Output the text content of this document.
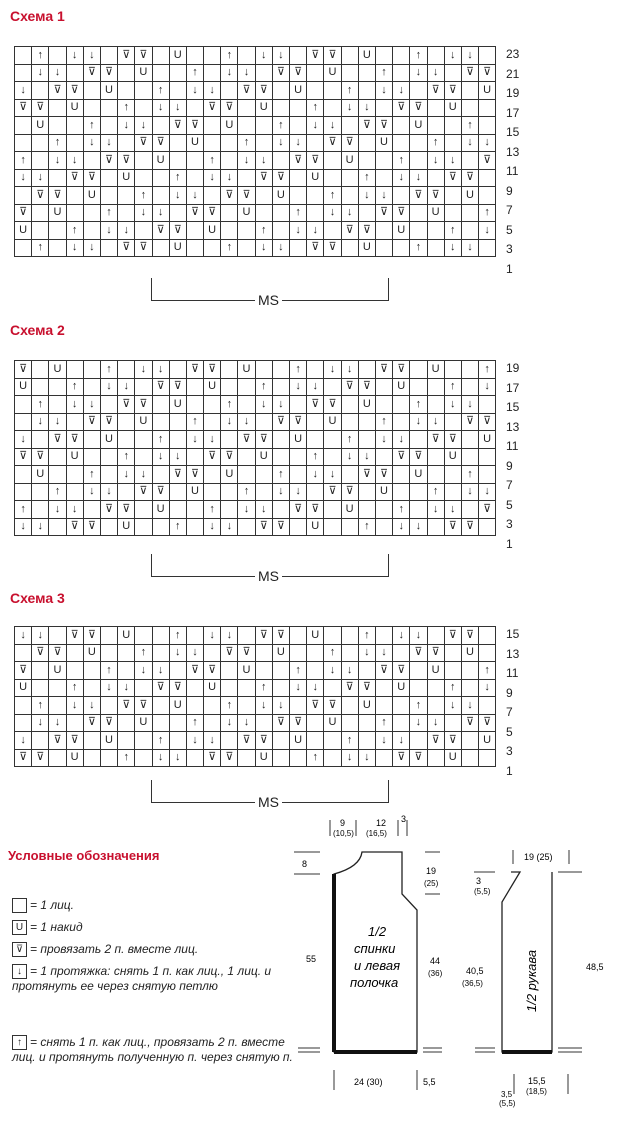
Схема 1
	↑		↓	↓		⊽	⊽		U			↑		↓	↓		⊽	⊽		U			↑		↓	↓	
	↓	↓		⊽	⊽		U			↑		↓	↓		⊽	⊽		U			↑		↓	↓		⊽	⊽
↓		⊽	⊽		U			↑		↓	↓		⊽	⊽		U			↑		↓	↓		⊽	⊽		U
⊽	⊽		U			↑		↓	↓		⊽	⊽		U			↑		↓	↓		⊽	⊽		U		
	U			↑		↓	↓		⊽	⊽		U			↑		↓	↓		⊽	⊽		U			↑	
		↑		↓	↓		⊽	⊽		U			↑		↓	↓		⊽	⊽		U			↑		↓	↓
↑		↓	↓		⊽	⊽		U			↑		↓	↓		⊽	⊽		U			↑		↓	↓		⊽
↓	↓		⊽	⊽		U			↑		↓	↓		⊽	⊽		U			↑		↓	↓		⊽	⊽	
	⊽	⊽		U			↑		↓	↓		⊽	⊽		U			↑		↓	↓		⊽	⊽		U	
⊽		U			↑		↓	↓		⊽	⊽		U			↑		↓	↓		⊽	⊽		U			↑
U			↑		↓	↓		⊽	⊽		U			↑		↓	↓		⊽	⊽		U			↑		↓
	↑		↓	↓		⊽	⊽		U			↑		↓	↓		⊽	⊽		U			↑		↓	↓	
23
21
19
17
15
13
11
9
7
5
3
1
MS
Схема 2
⊽		U			↑		↓	↓		⊽	⊽		U			↑		↓	↓		⊽	⊽		U			↑
U			↑		↓	↓		⊽	⊽		U			↑		↓	↓		⊽	⊽		U			↑		↓
	↑		↓	↓		⊽	⊽		U			↑		↓	↓		⊽	⊽		U			↑		↓	↓	
	↓	↓		⊽	⊽		U			↑		↓	↓		⊽	⊽		U			↑		↓	↓		⊽	⊽
↓		⊽	⊽		U			↑		↓	↓		⊽	⊽		U			↑		↓	↓		⊽	⊽		U
⊽	⊽		U			↑		↓	↓		⊽	⊽		U			↑		↓	↓		⊽	⊽		U		
	U			↑		↓	↓		⊽	⊽		U			↑		↓	↓		⊽	⊽		U			↑	
		↑		↓	↓		⊽	⊽		U			↑		↓	↓		⊽	⊽		U			↑		↓	↓
↑		↓	↓		⊽	⊽		U			↑		↓	↓		⊽	⊽		U			↑		↓	↓		⊽
↓	↓		⊽	⊽		U			↑		↓	↓		⊽	⊽		U			↑		↓	↓		⊽	⊽	
19
17
15
13
11
9
7
5
3
1
MS
Схема 3
↓	↓		⊽	⊽		U			↑		↓	↓		⊽	⊽		U			↑		↓	↓		⊽	⊽	
	⊽	⊽		U			↑		↓	↓		⊽	⊽		U			↑		↓	↓		⊽	⊽		U	
⊽		U			↑		↓	↓		⊽	⊽		U			↑		↓	↓		⊽	⊽		U			↑
U			↑		↓	↓		⊽	⊽		U			↑		↓	↓		⊽	⊽		U			↑		↓
	↑		↓	↓		⊽	⊽		U			↑		↓	↓		⊽	⊽		U			↑		↓	↓	
	↓	↓		⊽	⊽		U			↑		↓	↓		⊽	⊽		U			↑		↓	↓		⊽	⊽
↓		⊽	⊽		U			↑		↓	↓		⊽	⊽		U			↑		↓	↓		⊽	⊽		U
⊽	⊽		U			↑		↓	↓		⊽	⊽		U			↑		↓	↓		⊽	⊽		U		
15
13
11
9
7
5
3
1
MS
Условные обозначения
= 1 лиц.
U = 1 накид
⊽ = провязать 2 п. вместе лиц.
↓ = 1 протяжка: снять 1 п. как лиц., 1 лиц. и протянуть ее через снятую петлю
↑ = снять 1 п. как лиц., провязать 2 п. вместе лиц. и протянуть полученную п. через снятую п.
9	12 3
(10,5) (16,5)
8
19
(25)
55	44
(36)
1/2
спинки
и левая
полочка
24 (30)	5,5
19 (25)
3
(5,5)
40,5
(36,5)
48,5
1/2 рукава
15,5
(18,5)
3,5
(5,5)
